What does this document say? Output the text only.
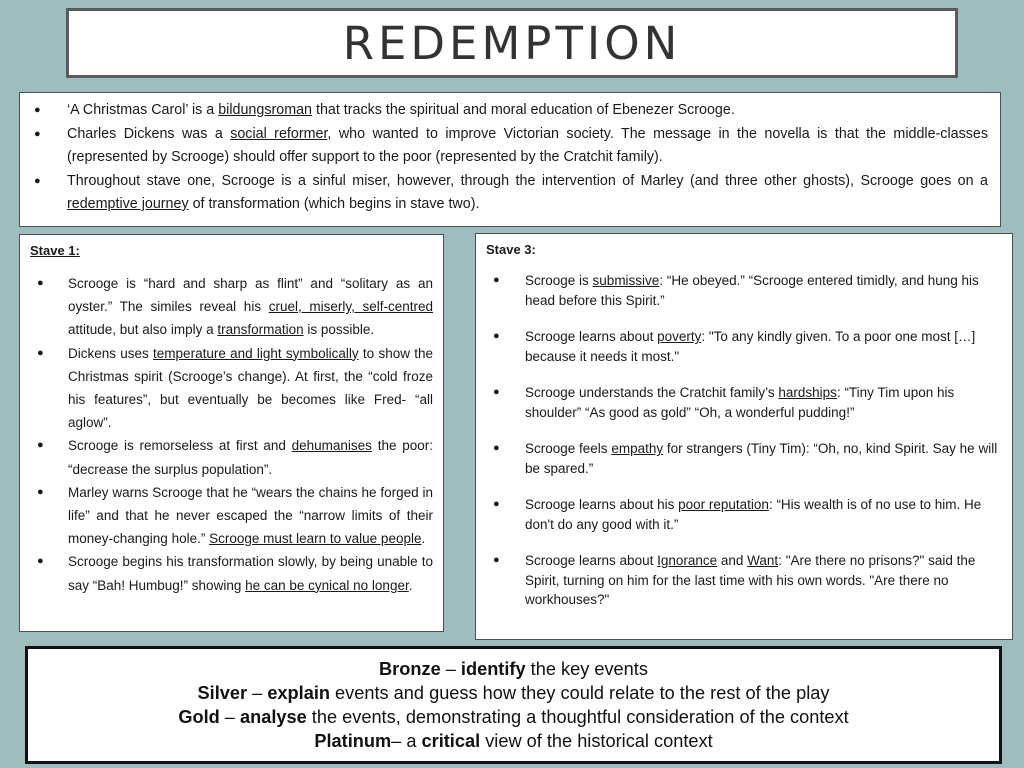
REDEMPTION
● ‘A Christmas Carol’ is a bildungsroman that tracks the spiritual and moral education of Ebenezer Scrooge.
● Charles Dickens was a social reformer, who wanted to improve Victorian society. The message in the novella is that the middle-classes (represented by Scrooge) should offer support to the poor (represented by the Cratchit family).
● Throughout stave one, Scrooge is a sinful miser, however, through the intervention of Marley (and three other ghosts), Scrooge goes on a redemptive journey of transformation (which begins in stave two).

Stave 1:

● Scrooge is “hard and sharp as flint” and “solitary as an oyster.” The similes reveal his cruel, miserly, self-centred attitude, but also imply a transformation is possible.
● Dickens uses temperature and light symbolically to show the Christmas spirit (Scrooge’s change). At first, the “cold froze his features”, but eventually be becomes like Fred- “all aglow”.
● Scrooge is remorseless at first and dehumanises the poor: “decrease the surplus population”.
● Marley warns Scrooge that he “wears the chains he forged in life” and that he never escaped the “narrow limits of their money-changing hole.” Scrooge must learn to value people.
● Scrooge begins his transformation slowly, by being unable to say “Bah! Humbug!” showing he can be cynical no longer.

Stave 3:

● Scrooge is submissive: “He obeyed.” “Scrooge entered timidly, and hung his head before this Spirit.”
● Scrooge learns about poverty: "To any kindly given. To a poor one most […] because it needs it most."
● Scrooge understands the Cratchit family’s hardships: “Tiny Tim upon his shoulder” “As good as gold” “Oh, a wonderful pudding!”
● Scrooge feels empathy for strangers (Tiny Tim): “Oh, no, kind Spirit. Say he will be spared.”
● Scrooge learns about his poor reputation: “His wealth is of no use to him. He don't do any good with it.”
● Scrooge learns about Ignorance and Want: "Are there no prisons?" said the Spirit, turning on him for the last time with his own words. "Are there no workhouses?"
Bronze – identify the key events
Silver – explain events and guess how they could relate to the rest of the play
Gold – analyse the events, demonstrating a thoughtful consideration of the context
Platinum– a critical view of the historical context
